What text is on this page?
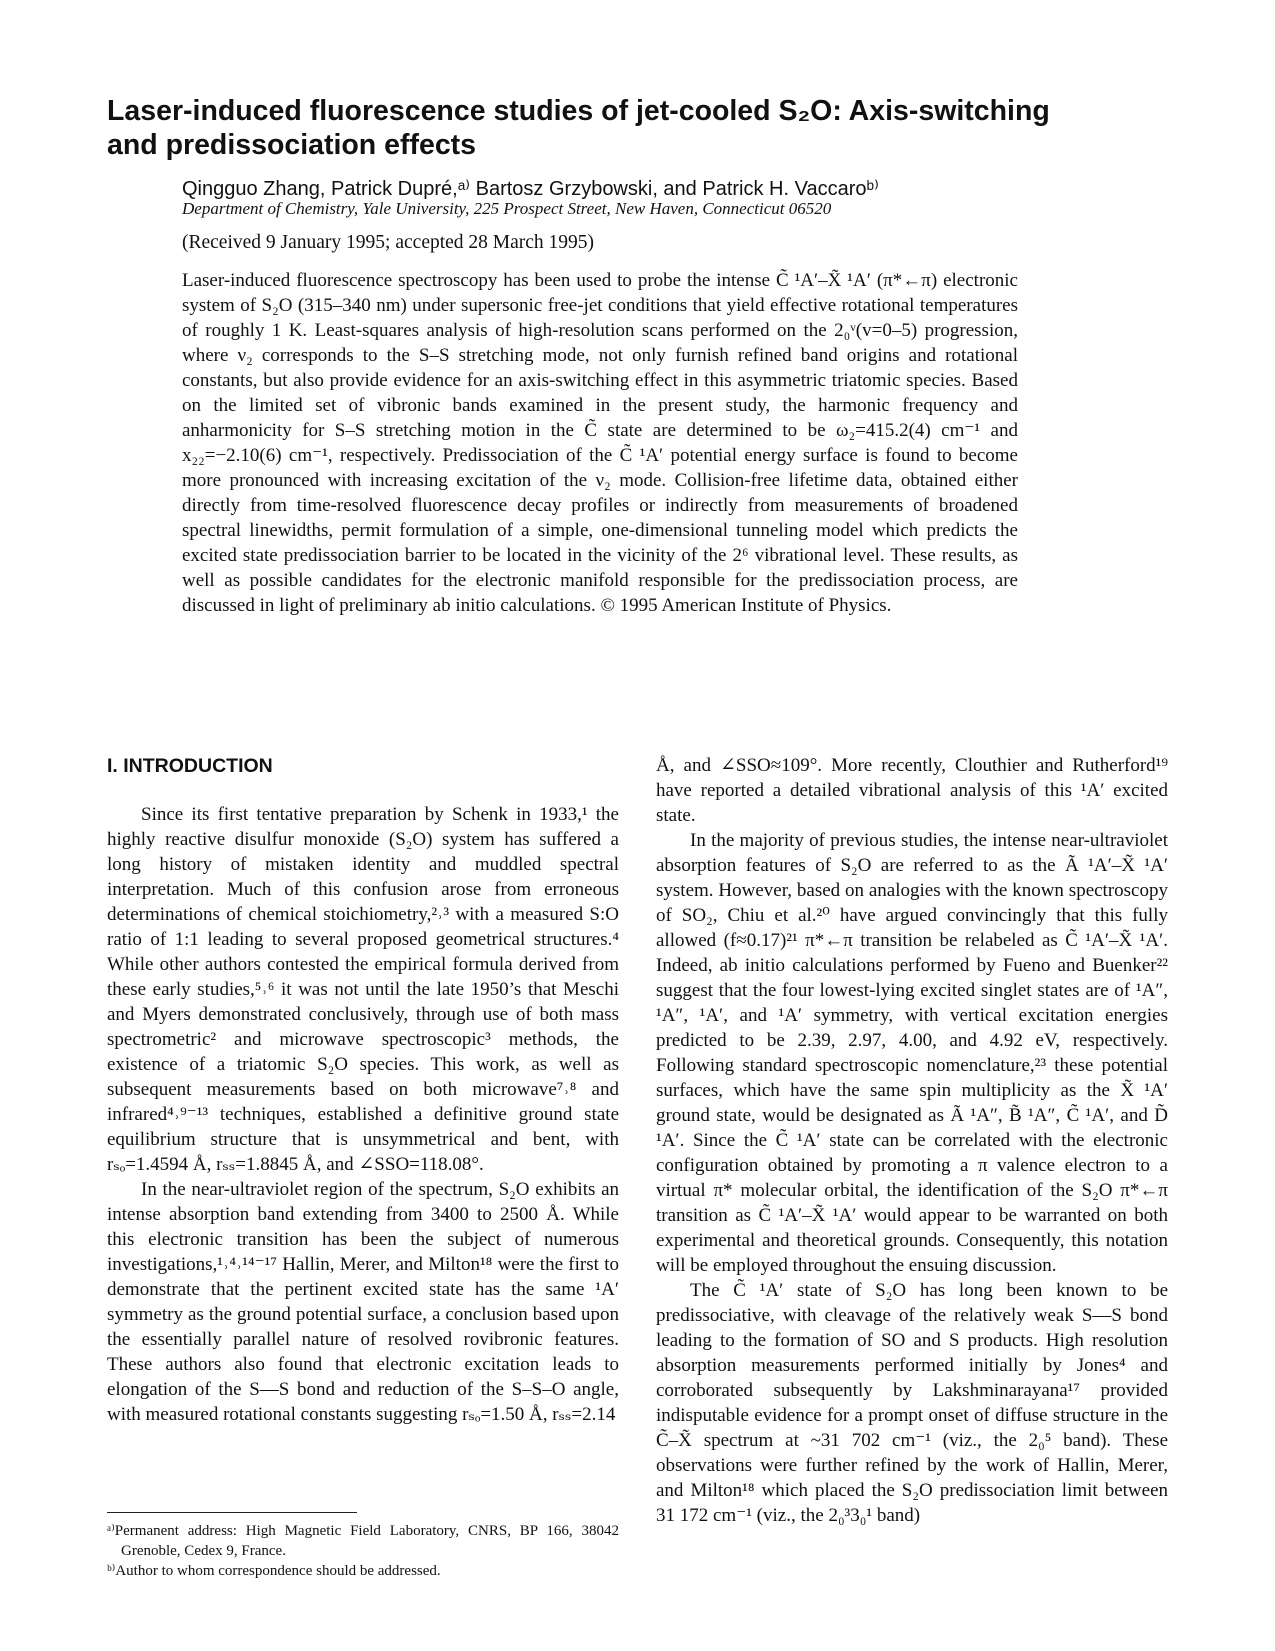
Laser-induced fluorescence studies of jet-cooled S₂O: Axis-switching and predissociation effects
Qingguo Zhang, Patrick Dupré,ᵃ⁾ Bartosz Grzybowski, and Patrick H. Vaccaroᵇ⁾
Department of Chemistry, Yale University, 225 Prospect Street, New Haven, Connecticut 06520
(Received 9 January 1995; accepted 28 March 1995)

Laser-induced fluorescence spectroscopy has been used to probe the intense C̃ ¹A′–X̃ ¹A′ (π*←π) electronic system of S₂O (315–340 nm) under supersonic free-jet conditions that yield effective rotational temperatures of roughly 1 K. Least-squares analysis of high-resolution scans performed on the 2₀ᵛ(v=0–5) progression, where ν₂ corresponds to the S–S stretching mode, not only furnish refined band origins and rotational constants, but also provide evidence for an axis-switching effect in this asymmetric triatomic species. Based on the limited set of vibronic bands examined in the present study, the harmonic frequency and anharmonicity for S–S stretching motion in the C̃ state are determined to be ω₂=415.2(4) cm⁻¹ and x₂₂=−2.10(6) cm⁻¹, respectively. Predissociation of the C̃ ¹A′ potential energy surface is found to become more pronounced with increasing excitation of the ν₂ mode. Collision-free lifetime data, obtained either directly from time-resolved fluorescence decay profiles or indirectly from measurements of broadened spectral linewidths, permit formulation of a simple, one-dimensional tunneling model which predicts the excited state predissociation barrier to be located in the vicinity of the 2⁶ vibrational level. These results, as well as possible candidates for the electronic manifold responsible for the predissociation process, are discussed in light of preliminary ab initio calculations. © 1995 American Institute of Physics.

I. INTRODUCTION

Since its first tentative preparation by Schenk in 1933,¹ the highly reactive disulfur monoxide (S₂O) system has suffered a long history of mistaken identity and muddled spectral interpretation. Much of this confusion arose from erroneous determinations of chemical stoichiometry,²˒³ with a measured S:O ratio of 1:1 leading to several proposed geometrical structures.⁴ While other authors contested the empirical formula derived from these early studies,⁵˒⁶ it was not until the late 1950’s that Meschi and Myers demonstrated conclusively, through use of both mass spectrometric² and microwave spectroscopic³ methods, the existence of a triatomic S₂O species. This work, as well as subsequent measurements based on both microwave⁷˒⁸ and infrared⁴˒⁹⁻¹³ techniques, established a definitive ground state equilibrium structure that is unsymmetrical and bent, with rₛₒ=1.4594 Å, rₛₛ=1.8845 Å, and ∠SSO=118.08°.

In the near-ultraviolet region of the spectrum, S₂O exhibits an intense absorption band extending from 3400 to 2500 Å. While this electronic transition has been the subject of numerous investigations,¹˒⁴˒¹⁴⁻¹⁷ Hallin, Merer, and Milton¹⁸ were the first to demonstrate that the pertinent excited state has the same ¹A′ symmetry as the ground potential surface, a conclusion based upon the essentially parallel nature of resolved rovibronic features. These authors also found that electronic excitation leads to elongation of the S—S bond and reduction of the S–S–O angle, with measured rotational constants suggesting rₛₒ=1.50 Å, rₛₛ=2.14

Å, and ∠SSO≈109°. More recently, Clouthier and Rutherford¹⁹ have reported a detailed vibrational analysis of this ¹A′ excited state.

In the majority of previous studies, the intense near-ultraviolet absorption features of S₂O are referred to as the Ã ¹A′–X̃ ¹A′ system. However, based on analogies with the known spectroscopy of SO₂, Chiu et al.²⁰ have argued convincingly that this fully allowed (f≈0.17)²¹ π*←π transition be relabeled as C̃ ¹A′–X̃ ¹A′. Indeed, ab initio calculations performed by Fueno and Buenker²² suggest that the four lowest-lying excited singlet states are of ¹A″, ¹A″, ¹A′, and ¹A′ symmetry, with vertical excitation energies predicted to be 2.39, 2.97, 4.00, and 4.92 eV, respectively. Following standard spectroscopic nomenclature,²³ these potential surfaces, which have the same spin multiplicity as the X̃ ¹A′ ground state, would be designated as Ã ¹A″, B̃ ¹A″, C̃ ¹A′, and D̃ ¹A′. Since the C̃ ¹A′ state can be correlated with the electronic configuration obtained by promoting a π valence electron to a virtual π* molecular orbital, the identification of the S₂O π*←π transition as C̃ ¹A′–X̃ ¹A′ would appear to be warranted on both experimental and theoretical grounds. Consequently, this notation will be employed throughout the ensuing discussion.

The C̃ ¹A′ state of S₂O has long been known to be predissociative, with cleavage of the relatively weak S—S bond leading to the formation of SO and S products. High resolution absorption measurements performed initially by Jones⁴ and corroborated subsequently by Lakshminarayana¹⁷ provided indisputable evidence for a prompt onset of diffuse structure in the C̃–X̃ spectrum at ~31 702 cm⁻¹ (viz., the 2₀⁵ band). These observations were further refined by the work of Hallin, Merer, and Milton¹⁸ which placed the S₂O predissociation limit between 31 172 cm⁻¹ (viz., the 2₀³3₀¹ band)

ᵃ⁾Permanent address: High Magnetic Field Laboratory, CNRS, BP 166, 38042 Grenoble, Cedex 9, France.

ᵇ⁾Author to whom correspondence should be addressed.
